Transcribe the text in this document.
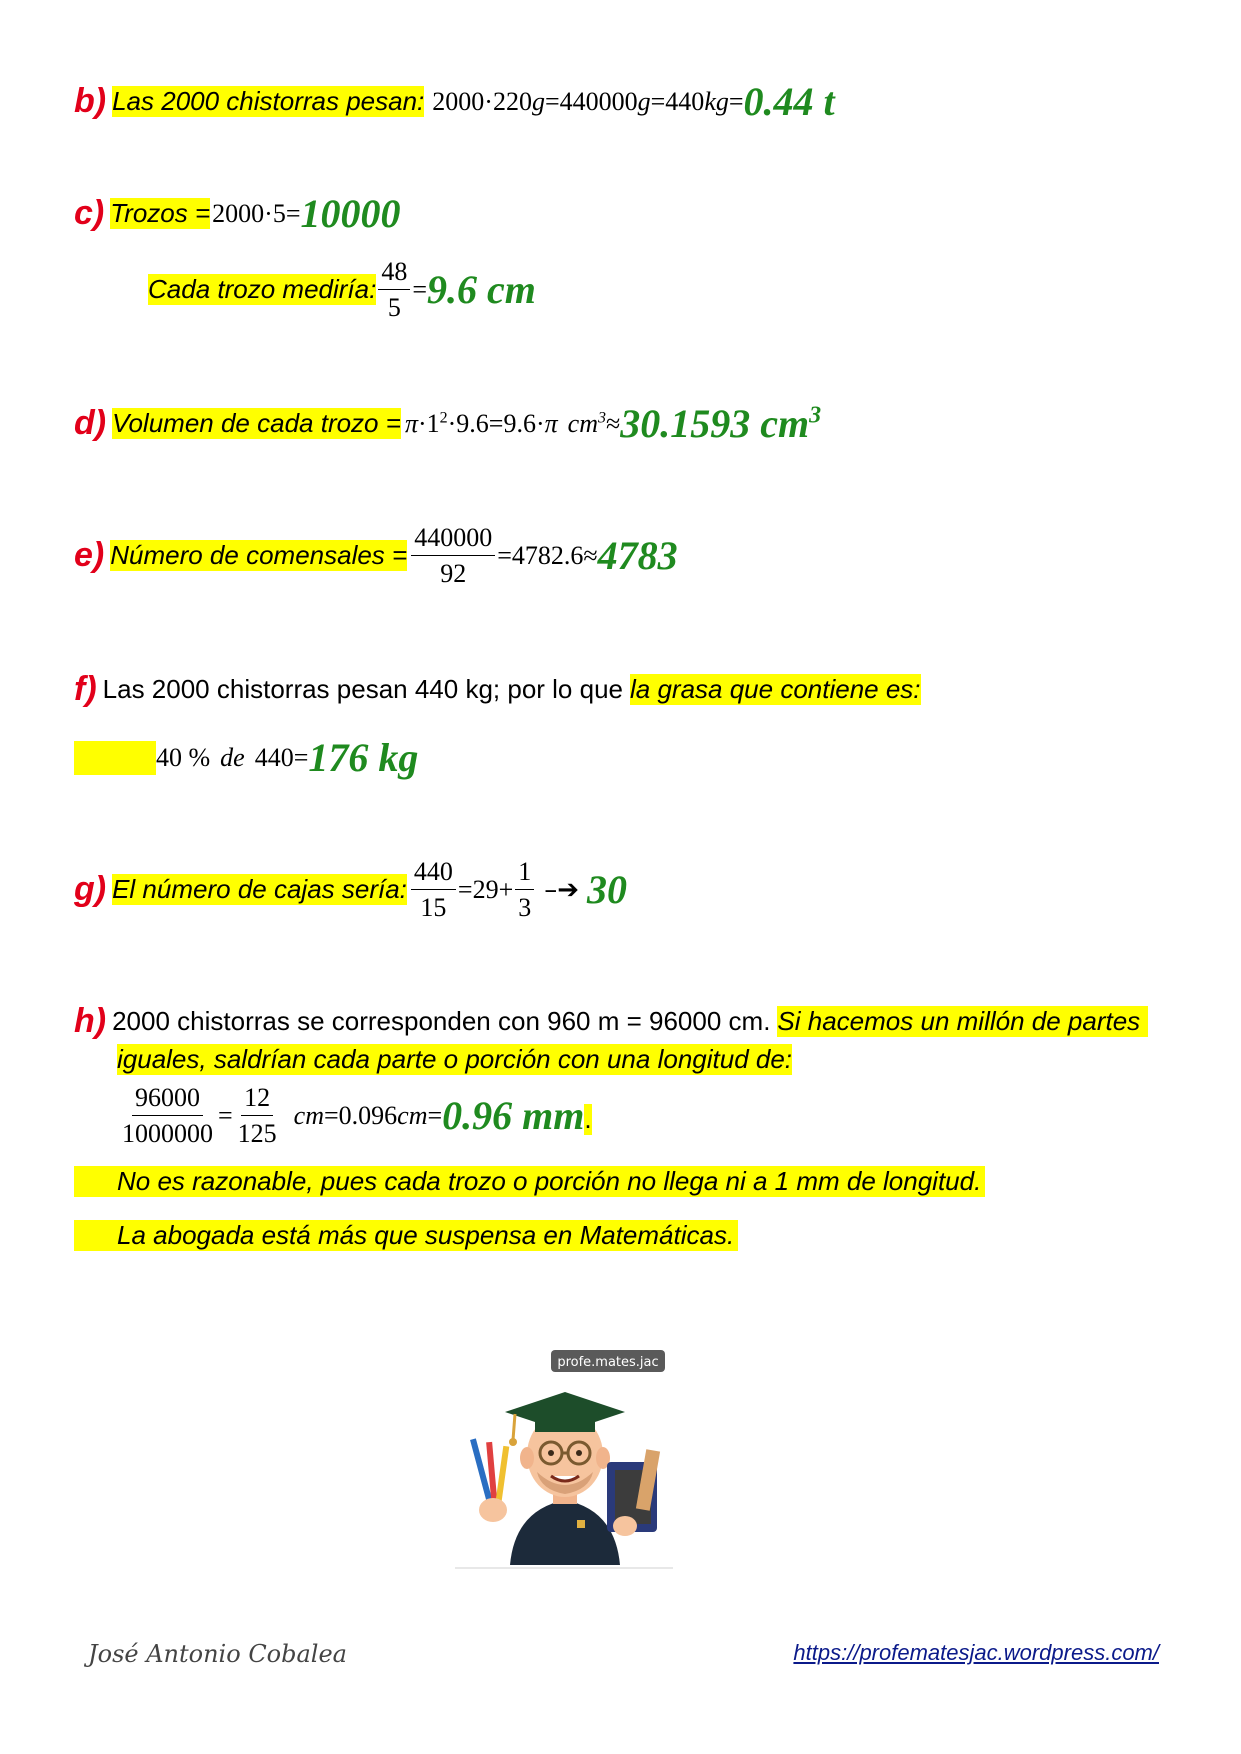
b) Las 2000 chistorras pesan: 2000·220 g =440000 g =440 kg = 0.44 t
c) Trozos = 2000·5= 10000
Cada trozo mediría: $\frac{48}{5} = 9.6$ cm
d) Volumen de cada trozo = $\pi \cdot 1^2 \cdot 9.6=9.6\cdot \pi$ $cm^3 \approx 30.1593$ $cm^3$
e) Número de comensales = $\frac{440000}{92} =4782.6\approx 4783$
f) Las 2000 chistorras pesan 440 kg; por lo que la grasa que contiene es:
40 % de 440= 176 kg
g) El número de cajas sería: $\frac{440}{15} =29+ \frac{1}{3}$ –➔ 30
h) 2000 chistorras se corresponden con 960 m = 96000 cm. Si hacemos un millón de partes
iguales, saldrían cada parte o porción con una longitud de:
$\frac{96000}{1000000} = \frac{12}{125}$ cm =0.096 cm = 0.96 mm .
No es razonable, pues cada trozo o porción no llega ni a 1 mm de longitud.
La abogada está más que suspensa en Matemáticas.
profe.mates.jac
José Antonio Cobalea	https://profematesjac.wordpress.com/
